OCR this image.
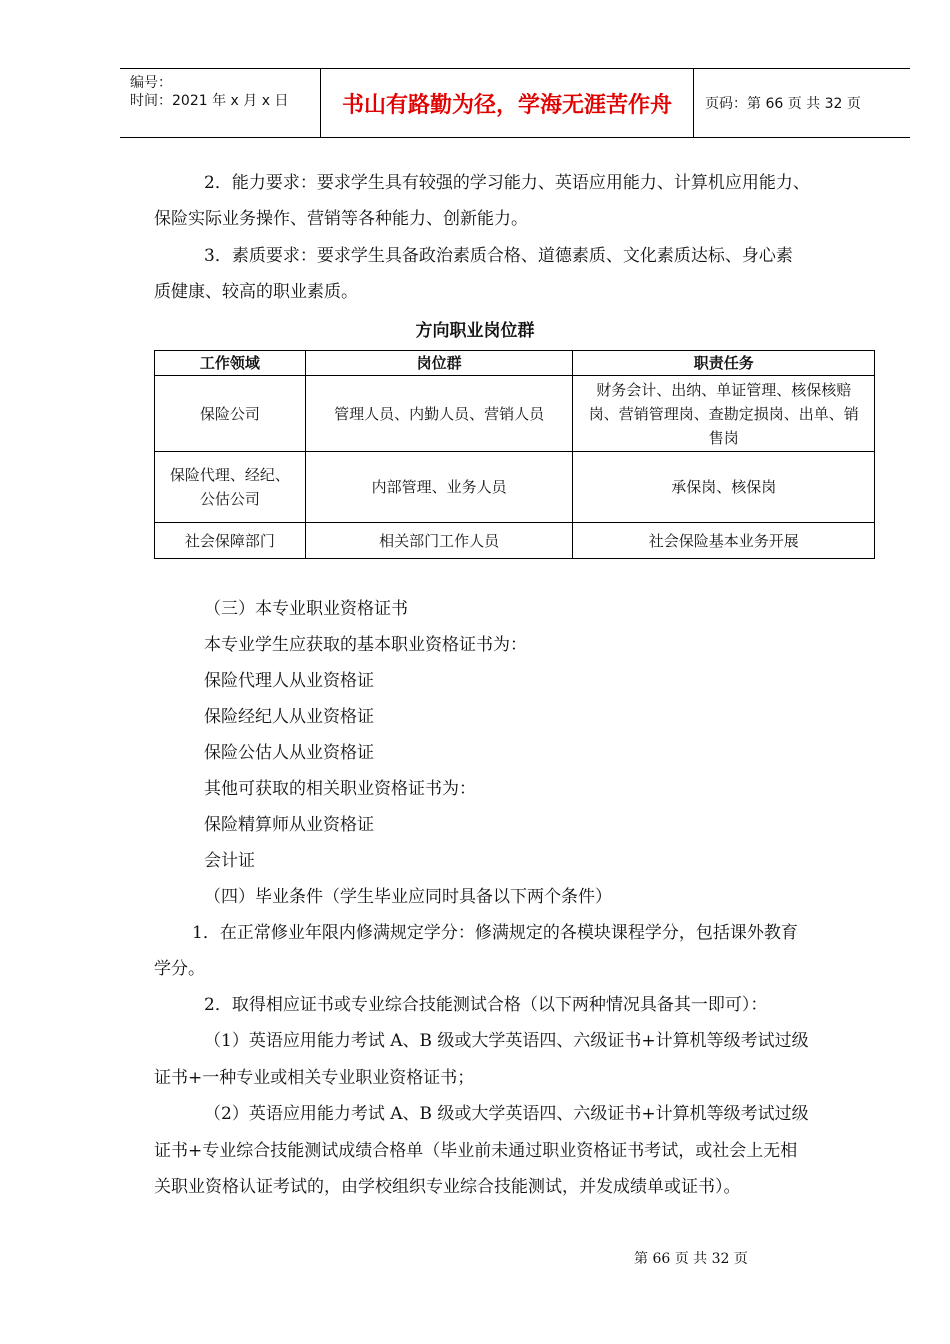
编号：
时间：2021 年 x 月 x 日	书山有路勤为径，学海无涯苦作舟	页码：第 66 页 共 32 页
2．能力要求：要求学生具有较强的学习能力、英语应用能力、计算机应用能力、
保险实际业务操作、营销等各种能力、创新能力。
3．素质要求：要求学生具备政治素质合格、道德素质、文化素质达标、身心素
质健康、较高的职业素质。
方向职业岗位群
工作领域	岗位群	职责任务
保险公司	管理人员、内勤人员、营销人员	财务会计、出纳、单证管理、核保核赔岗、营销管理岗、查勘定损岗、出单、销售岗
保险代理、经纪、公估公司	内部管理、业务人员	承保岗、核保岗
社会保障部门	相关部门工作人员	社会保险基本业务开展
（三）本专业职业资格证书
本专业学生应获取的基本职业资格证书为：
保险代理人从业资格证
保险经纪人从业资格证
保险公估人从业资格证
其他可获取的相关职业资格证书为：
保险精算师从业资格证
会计证
（四）毕业条件（学生毕业应同时具备以下两个条件）
1．在正常修业年限内修满规定学分：修满规定的各模块课程学分，包括课外教育
学分。
2．取得相应证书或专业综合技能测试合格（以下两种情况具备其一即可）：
（1）英语应用能力考试 A、B 级或大学英语四、六级证书+计算机等级考试过级
证书+一种专业或相关专业职业资格证书；
（2）英语应用能力考试 A、B 级或大学英语四、六级证书+计算机等级考试过级
证书+专业综合技能测试成绩合格单（毕业前未通过职业资格证书考试，或社会上无相
关职业资格认证考试的，由学校组织专业综合技能测试，并发成绩单或证书）。
第 66 页 共 32 页
